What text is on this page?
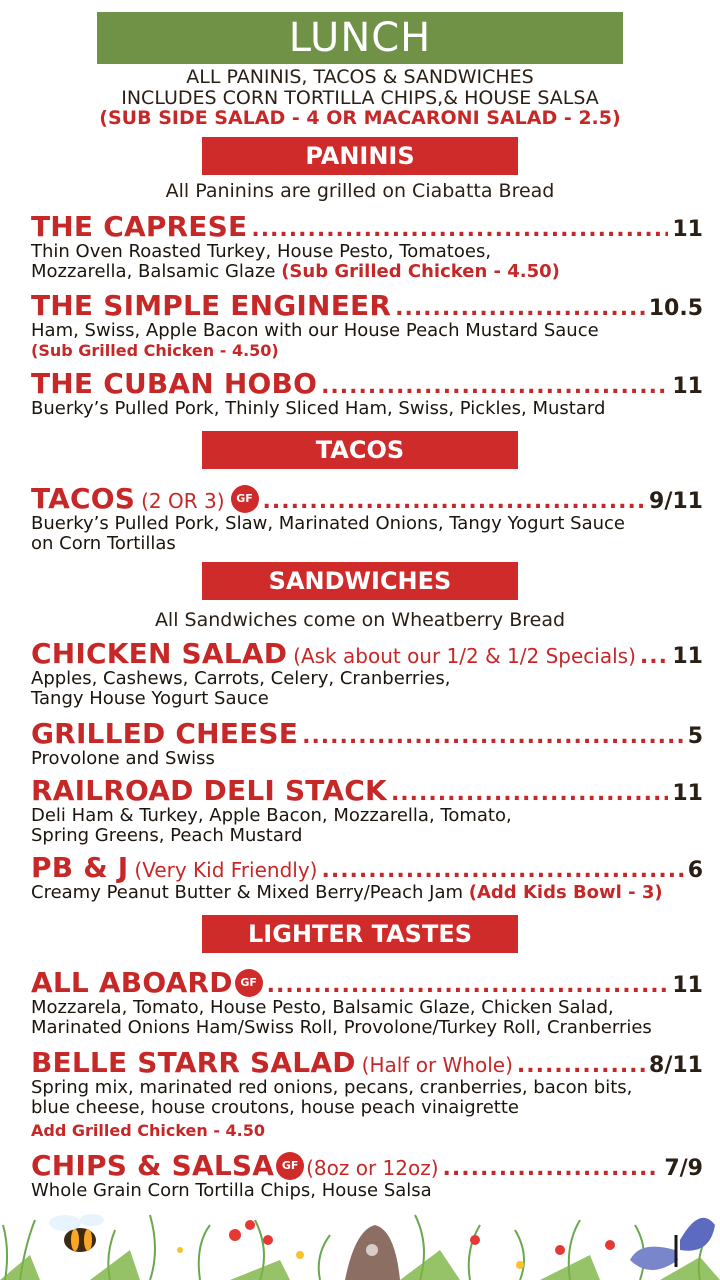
LUNCH
ALL PANINIS, TACOS & SANDWICHES
INCLUDES CORN TORTILLA CHIPS,& HOUSE SALSA
(SUB SIDE SALAD - 4 OR MACARONI SALAD - 2.5)
PANINIS
All Paninins are grilled on Ciabatta Bread
THE CAPRESE .....	11
Thin Oven Roasted Turkey, House Pesto, Tomatoes,
Mozzarella, Balsamic Glaze (Sub Grilled Chicken - 4.50)
THE SIMPLE ENGINEER .....	10.5
Ham, Swiss, Apple Bacon with our House Peach Mustard Sauce
(Sub Grilled Chicken - 4.50)
THE CUBAN HOBO .....	11
Buerky’s Pulled Pork, Thinly Sliced Ham, Swiss, Pickles, Mustard
TACOS
TACOS (2 OR 3)	GF .....	9/11
Buerky’s Pulled Pork, Slaw, Marinated Onions, Tangy Yogurt Sauce
on Corn Tortillas
SANDWICHES
All Sandwiches come on Wheatberry Bread
CHICKEN SALAD (Ask about our 1/2 & 1/2 Specials) ..... 11
Apples, Cashews, Carrots, Celery, Cranberries,
Tangy House Yogurt Sauce
GRILLED CHEESE .....	5
Provolone and Swiss
RAILROAD DELI STACK .....	11
Deli Ham & Turkey, Apple Bacon, Mozzarella, Tomato,
Spring Greens, Peach Mustard
PB & J (Very Kid Friendly) .....	6
Creamy Peanut Butter & Mixed Berry/Peach Jam (Add Kids Bowl - 3)
LIGHTER TASTES
ALL ABOARD GF .....	11
Mozzarela, Tomato, House Pesto, Balsamic Glaze, Chicken Salad,
Marinated Onions Ham/Swiss Roll, Provolone/Turkey Roll, Cranberries
BELLE STARR SALAD (Half or Whole) .....	8/11
Spring mix, marinated red onions, pecans, cranberries, bacon bits,
blue cheese, house croutons, house peach vinaigrette
Add Grilled Chicken - 4.50
CHIPS & SALSA GF (8oz or 12oz) .....	7/9
Whole Grain Corn Tortilla Chips, House Salsa
